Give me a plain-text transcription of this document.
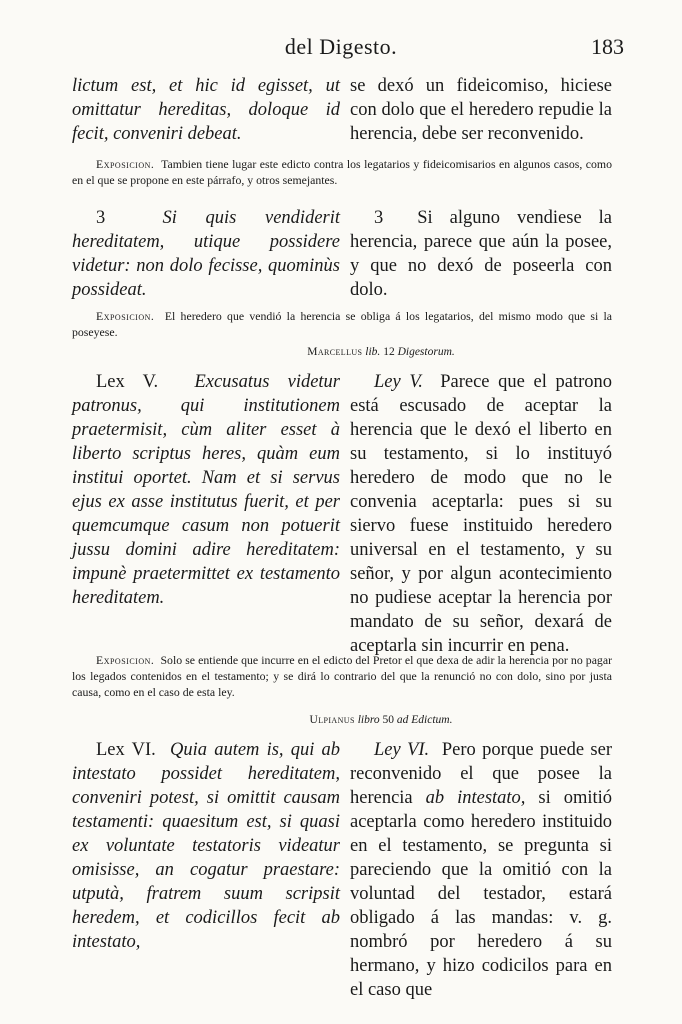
del Digesto.	183
lictum est, et hic id egisset, ut omittatur hereditas, doloque id fecit, conveniri debeat.
se dexó un fideicomiso, hiciese con dolo que el heredero repudie la herencia, debe ser reconvenido.
Exposicion. Tambien tiene lugar este edicto contra los legatarios y fideicomisarios en algunos casos, como en el que se propone en este párrafo, y otros semejantes.
3	Si quis vendiderit hereditatem, utique possidere videtur: non dolo fecisse, quominùs possideat.
3 Si alguno vendiese la herencia, parece que aún la posee, y que no dexó de poseerla con dolo.
Exposicion. El heredero que vendió la herencia se obliga á los legatarios, del mismo modo que si la poseyese.
Marcellus lib. 12 Digestorum.
Lex V. Excusatus videtur patronus, qui institutionem praetermisit, cùm aliter esset à liberto scriptus heres, quàm eum institui oportet. Nam et si servus ejus ex asse institutus fuerit, et per quemcumque casum non potuerit jussu domini adire hereditatem: impunè praetermittet ex testamento hereditatem.
Ley V. Parece que el patrono está escusado de aceptar la herencia que le dexó el liberto en su testamento, si lo instituyó heredero de modo que no le convenia aceptarla: pues si su siervo fuese instituido heredero universal en el testamento, y su señor, y por algun acontecimiento no pudiese aceptar la herencia por mandato de su señor, dexará de aceptarla sin incurrir en pena.
Exposicion. Solo se entiende que incurre en el edicto del Pretor el que dexa de adir la herencia por no pagar los legados contenidos en el testamento; y se dirá lo contrario del que la renunció no con dolo, sino por justa causa, como en el caso de esta ley.
Ulpianus libro 50 ad Edictum.
Lex VI. Quia autem is, qui ab intestato possidet hereditatem, conveniri potest, si omittit causam testamenti: quaesitum est, si quasi ex voluntate testatoris videatur omisisse, an cogatur praestare: utputà, fratrem suum scripsit heredem, et codicillos fecit ab intestato,
Ley VI. Pero porque puede ser reconvenido el que posee la herencia ab intestato, si omitió aceptarla como heredero instituido en el testamento, se pregunta si pareciendo que la omitió con la voluntad del testador, estará obligado á las mandas: v. g. nombró por heredero á su hermano, y hizo codicilos para en el caso que
